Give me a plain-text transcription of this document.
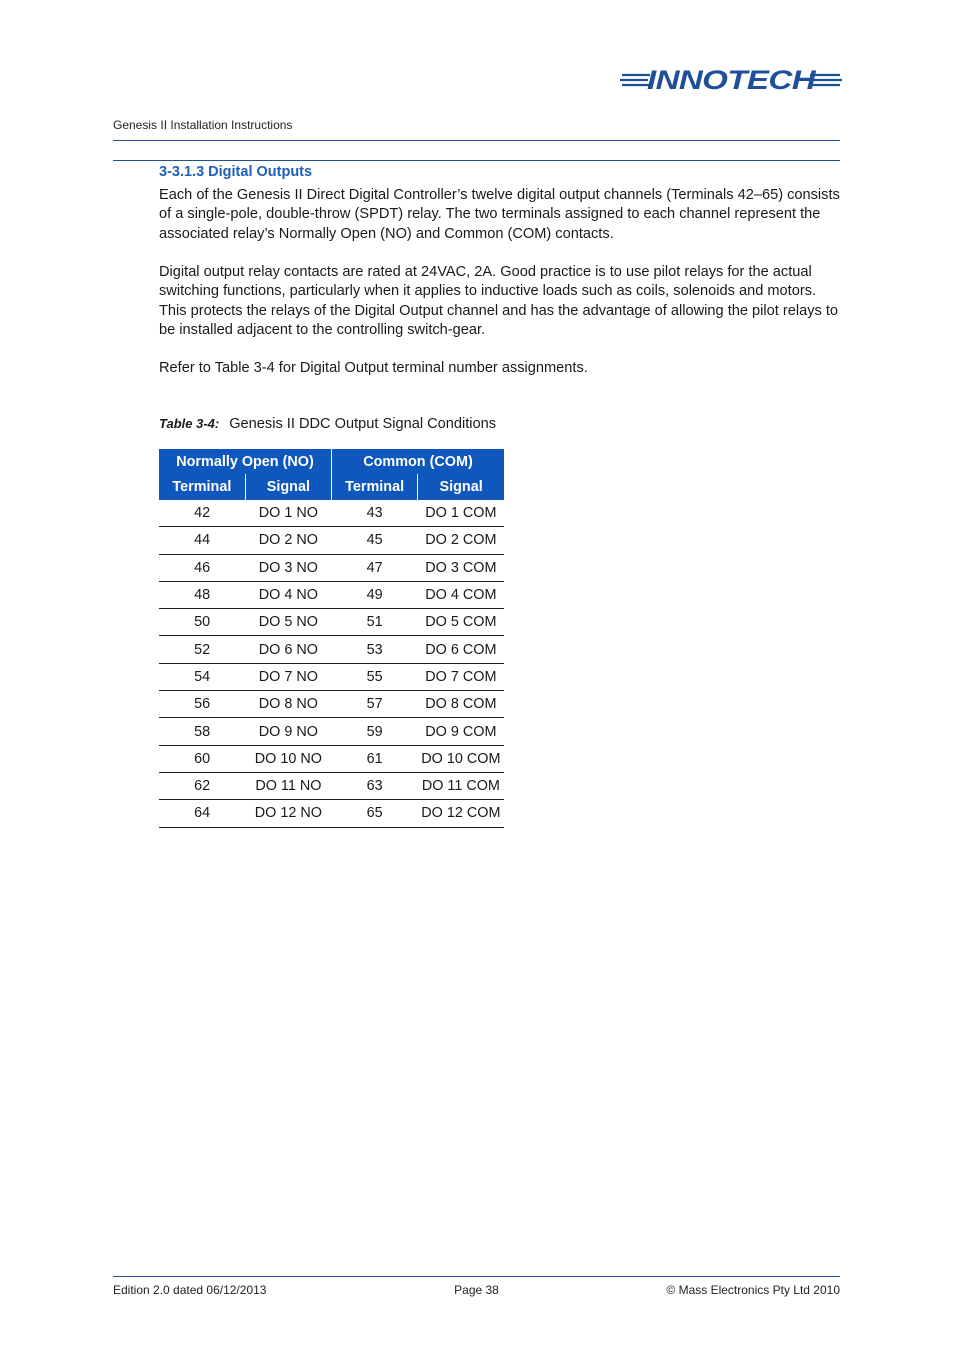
INNOTECH
Genesis II Installation Instructions
3-3.1.3 Digital Outputs

Each of the Genesis II Direct Digital Controller’s twelve digital output channels (Terminals 42–65) consists of a single-pole, double-throw (SPDT) relay. The two terminals assigned to each channel represent the associated relay’s Normally Open (NO) and Common (COM) contacts.

Digital output relay contacts are rated at 24VAC, 2A. Good practice is to use pilot relays for the actual switching functions, particularly when it applies to inductive loads such as coils, solenoids and motors. This protects the relays of the Digital Output channel and has the advantage of allowing the pilot relays to be installed adjacent to the controlling switch-gear.

Refer to Table 3-4 for Digital Output terminal number assignments.

Table 3-4: Genesis II DDC Output Signal Conditions
Normally Open (NO)		Common (COM)	
Terminal	Signal	Terminal	Signal
42	DO 1 NO	43	DO 1 COM
44	DO 2 NO	45	DO 2 COM
46	DO 3 NO	47	DO 3 COM
48	DO 4 NO	49	DO 4 COM
50	DO 5 NO	51	DO 5 COM
52	DO 6 NO	53	DO 6 COM
54	DO 7 NO	55	DO 7 COM
56	DO 8 NO	57	DO 8 COM
58	DO 9 NO	59	DO 9 COM
60	DO 10 NO	61	DO 10 COM
62	DO 11 NO	63	DO 11 COM
64	DO 12 NO	65	DO 12 COM
Edition 2.0 dated 06/12/2013	Page 38	© Mass Electronics Pty Ltd 2010
